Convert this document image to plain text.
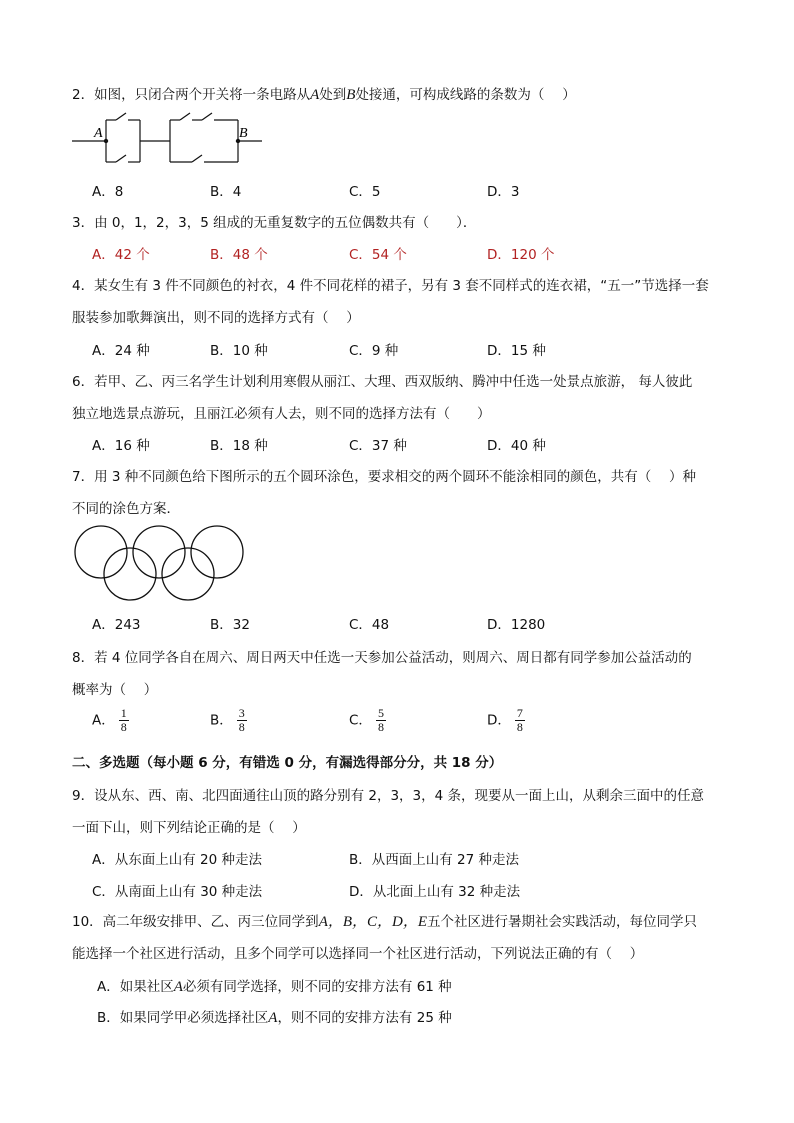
2．如图，只闭合两个开关将一条电路从A处到B处接通，可构成线路的条数为（　 ）
A	B
A．8	B．4	C．5	D．3
3．由 0，1，2，3，5 组成的无重复数字的五位偶数共有（　　）．
A．42 个	B．48 个	C．54 个	D．120 个
4．某女生有 3 件不同颜色的衬衣，4 件不同花样的裙子，另有 3 套不同样式的连衣裙，“五一”节选择一套
服装参加歌舞演出，则不同的选择方式有（　 ）
A．24 种	B．10 种	C．9 种	D．15 种
6．若甲、乙、丙三名学生计划利用寒假从丽江、大理、西双版纳、腾冲中任选一处景点旅游， 每人彼此
独立地选景点游玩，且丽江必须有人去，则不同的选择方法有（　　）
A．16 种	B．18 种	C．37 种	D．40 种
7．用 3 种不同颜色给下图所示的五个圆环涂色，要求相交的两个圆环不能涂相同的颜色，共有（　 ）种
不同的涂色方案．
A．243	B．32	C．48	D．1280
8．若 4 位同学各自在周六、周日两天中任选一天参加公益活动，则周六、周日都有同学参加公益活动的
概率为（　 ）
A． $\frac{1}{8}$	B． $\frac{3}{8}$	C． $\frac{5}{8}$	D． $\frac{7}{8}$
二、多选题（每小题 6 分，有错选 0 分，有漏选得部分分，共 18 分）
9．设从东、西、南、北四面通往山顶的路分别有 2，3，3，4 条，现要从一面上山，从剩余三面中的任意
一面下山，则下列结论正确的是（　 ）
A．从东面上山有 20 种走法	B．从西面上山有 27 种走法
C．从南面上山有 30 种走法	D．从北面上山有 32 种走法
10．高二年级安排甲、乙、丙三位同学到A，B，C，D，E五个社区进行暑期社会实践活动，每位同学只
能选择一个社区进行活动，且多个同学可以选择同一个社区进行活动，下列说法正确的有（　 ）
A．如果社区A必须有同学选择，则不同的安排方法有 61 种
B．如果同学甲必须选择社区A，则不同的安排方法有 25 种
